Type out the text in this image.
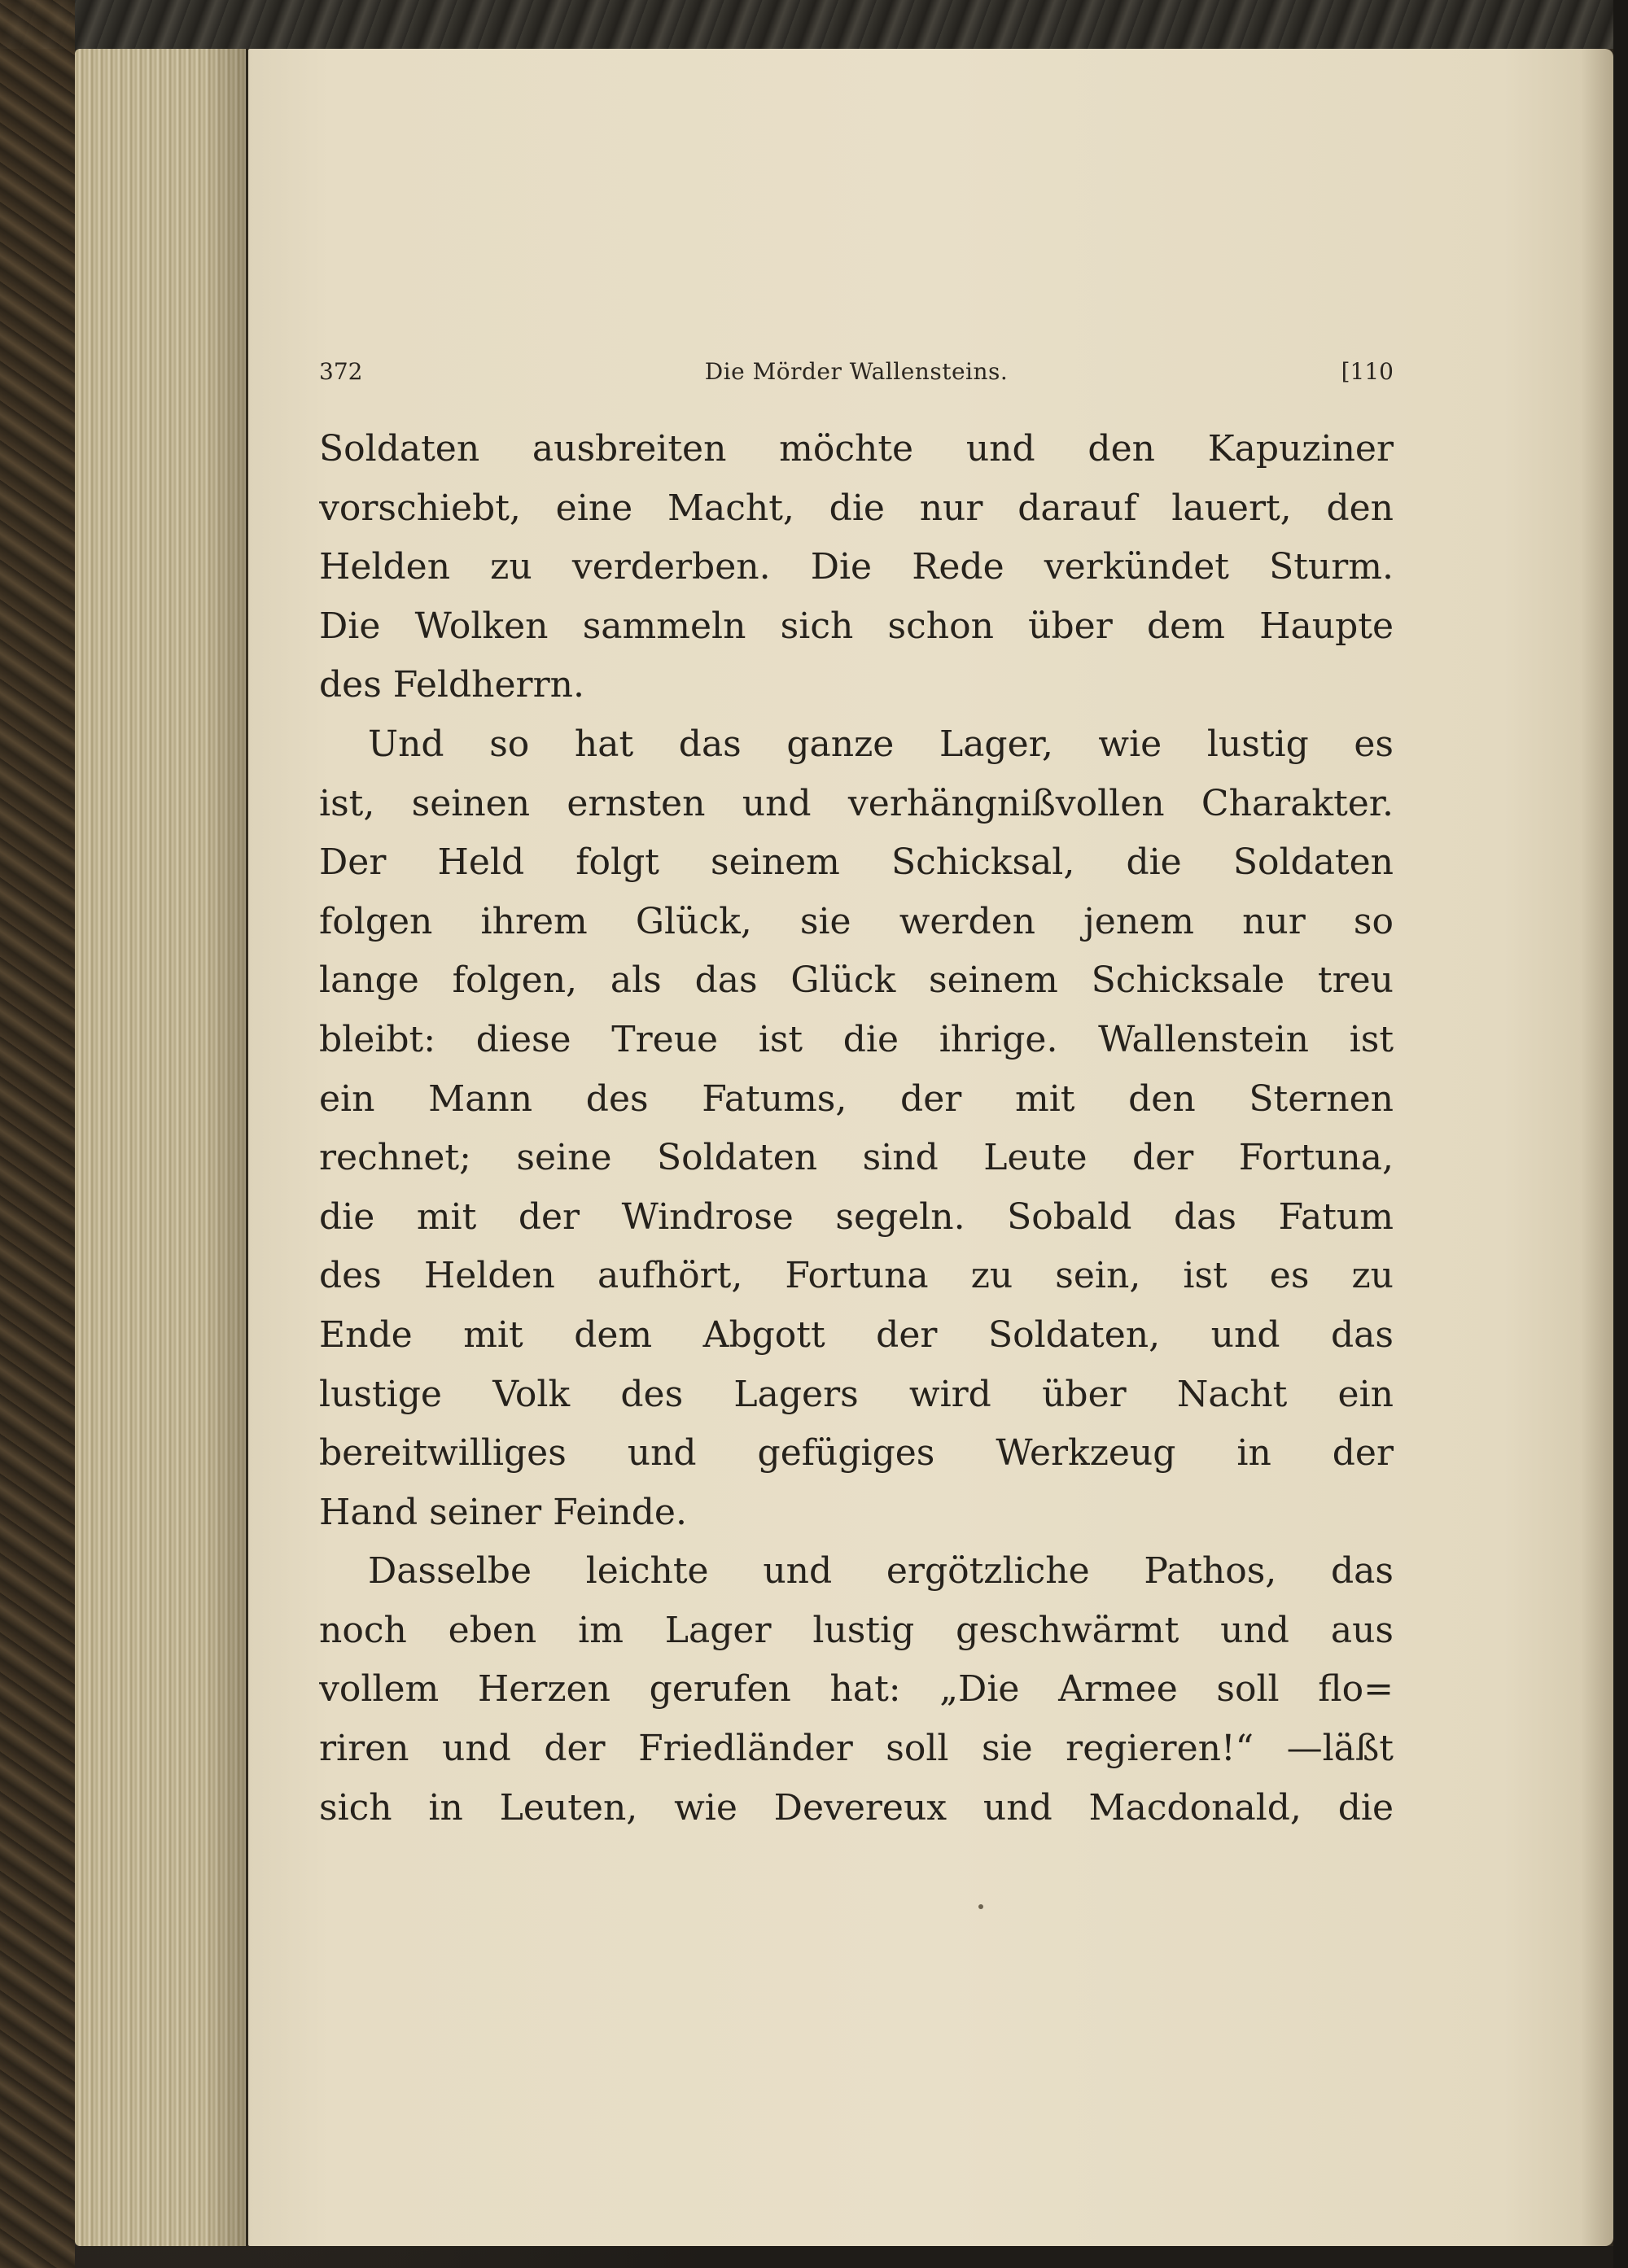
372	Die Mörder Wallensteins.	[110
Soldaten ausbreiten möchte und den Kapuziner
vorschiebt, eine Macht, die nur darauf lauert, den
Helden zu verderben. Die Rede verkündet Sturm.
Die Wolken sammeln sich schon über dem Haupte
des Feldherrn.
Und so hat das ganze Lager, wie lustig es
ist, seinen ernsten und verhängnißvollen Charakter.
Der Held folgt seinem Schicksal, die Soldaten
folgen ihrem Glück, sie werden jenem nur so
lange folgen, als das Glück seinem Schicksale treu
bleibt: diese Treue ist die ihrige. Wallenstein ist
ein Mann des Fatums, der mit den Sternen
rechnet; seine Soldaten sind Leute der Fortuna,
die mit der Windrose segeln. Sobald das Fatum
des Helden aufhört, Fortuna zu sein, ist es zu
Ende mit dem Abgott der Soldaten, und das
lustige Volk des Lagers wird über Nacht ein
bereitwilliges und gefügiges Werkzeug in der
Hand seiner Feinde.
Dasselbe leichte und ergötzliche Pathos, das
noch eben im Lager lustig geschwärmt und aus
vollem Herzen gerufen hat: „Die Armee soll flo=
riren und der Friedländer soll sie regieren!“ —läßt
sich in Leuten, wie Devereux und Macdonald, die
